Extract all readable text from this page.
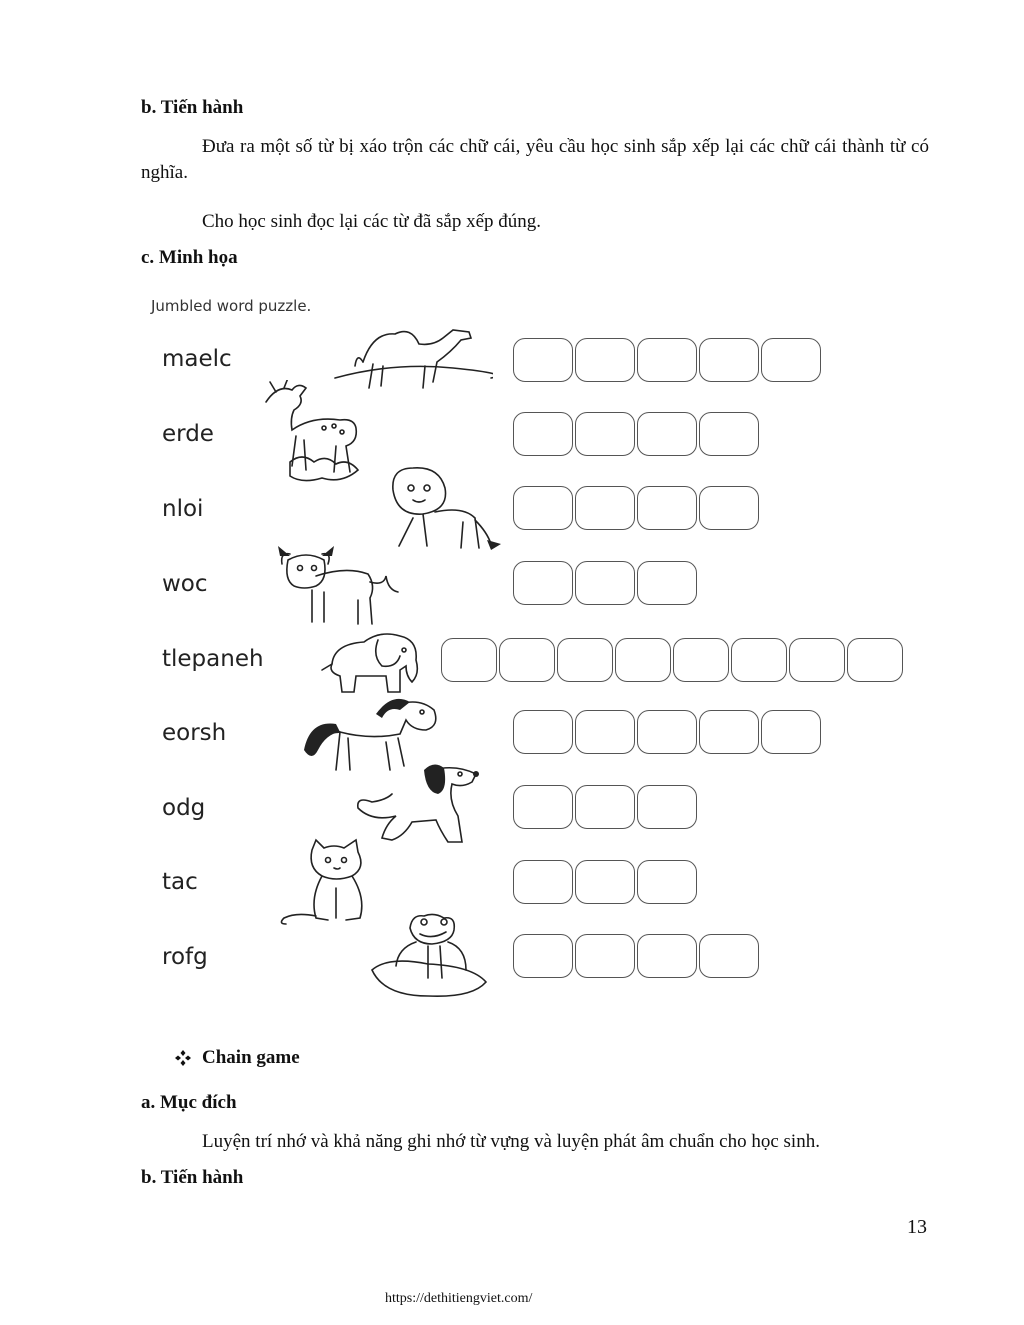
b. Tiến hành
Đưa ra một số từ bị xáo trộn các chữ cái, yêu cầu học sinh sắp xếp lại các chữ cái thành từ có nghĩa.
Cho học sinh đọc lại các từ đã sắp xếp đúng.
c. Minh họa
Jumbled word puzzle.
maelc
erde
nloi
woc
tlepaneh
eorsh
odg
tac
rofg
Chain game
a. Mục đích
Luyện trí nhớ và khả năng ghi nhớ từ vựng và luyện phát âm chuẩn cho học sinh.
b. Tiến hành
13
https://dethitiengviet.com/
